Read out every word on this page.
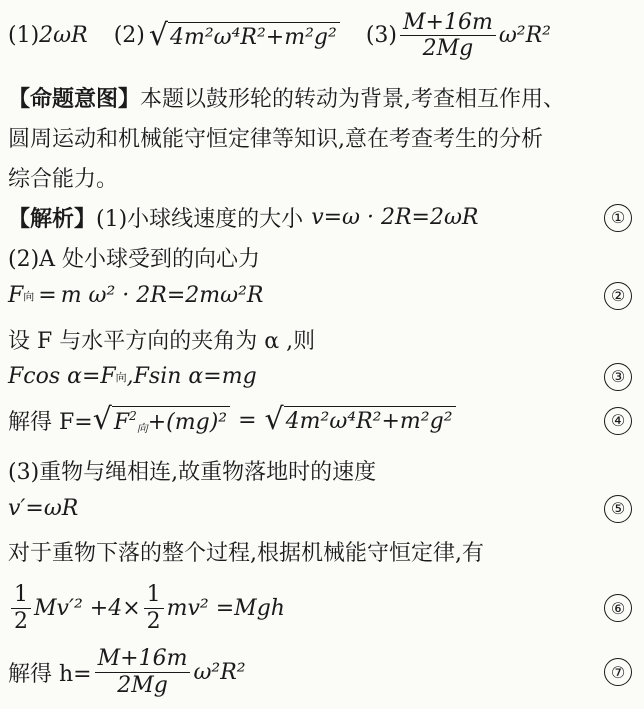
(1) 2ωR (2) √ 4m²ω⁴R²+m²g² $(3) \frac{M+16m}{2Mg} \omega^2R^2$
【命题意图】 本题以鼓形轮的转动为背景,考查相互作用、
圆周运动和机械能守恒定律等知识,意在考查考生的分析
综合能力。
【解析】 (1)小球线速度的大小 v=ω · 2R=2ωR	①
(2)A 处小球受到的向心力
F 向 = m ω² · 2R=2mω²R	②
设 F 与水平方向的夹角为 α ,则
Fcos α=F 向 ,Fsin α=mg	③
解得 F= √ $F^2_向+(mg)^2$ = √ 4m²ω⁴R²+m²g²	④
(3)重物与绳相连,故重物落地时的速度
v′=ωR	⑤
对于重物下落的整个过程,根据机械能守恒定律,有
$\frac{1}{2} Mv'^2 +4\times \frac{1}{2} mv^2 =Mgh$	⑥
解得 $h= \frac{M+16m}{2Mg} \omega^2R^2$	⑦
